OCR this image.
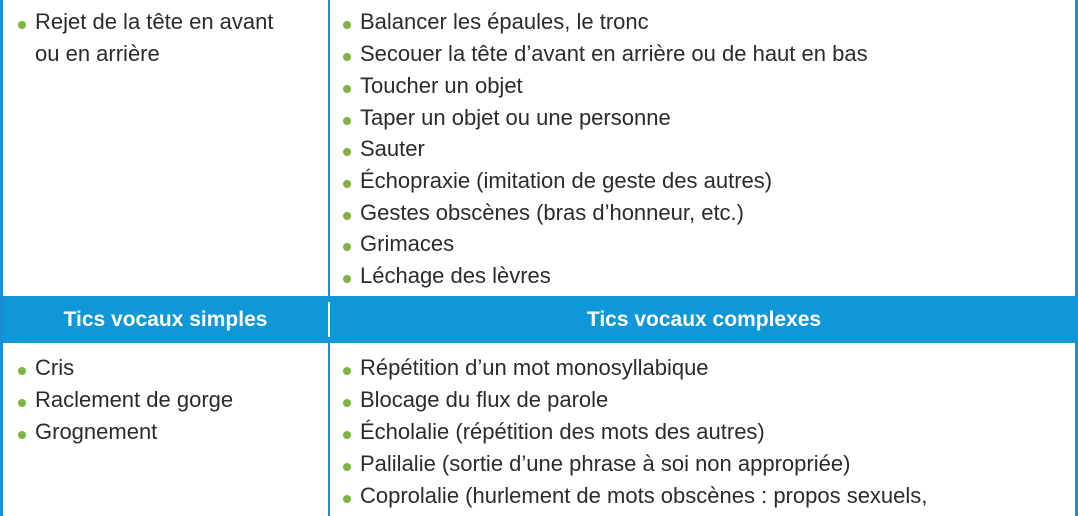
Rejet de la tête en avant
ou en arrière
Balancer les épaules, le tronc
Secouer la tête d’avant en arrière ou de haut en bas
Toucher un objet
Taper un objet ou une personne
Sauter
Échopraxie (imitation de geste des autres)
Gestes obscènes (bras d’honneur, etc.)
Grimaces
Léchage des lèvres
Tics vocaux simples	Tics vocaux complexes
Cris
Raclement de gorge
Grognement
Répétition d’un mot monosyllabique
Blocage du flux de parole
Écholalie (répétition des mots des autres)
Palilalie (sortie d’une phrase à soi non appropriée)
Coprolalie (hurlement de mots obscènes : propos sexuels,
